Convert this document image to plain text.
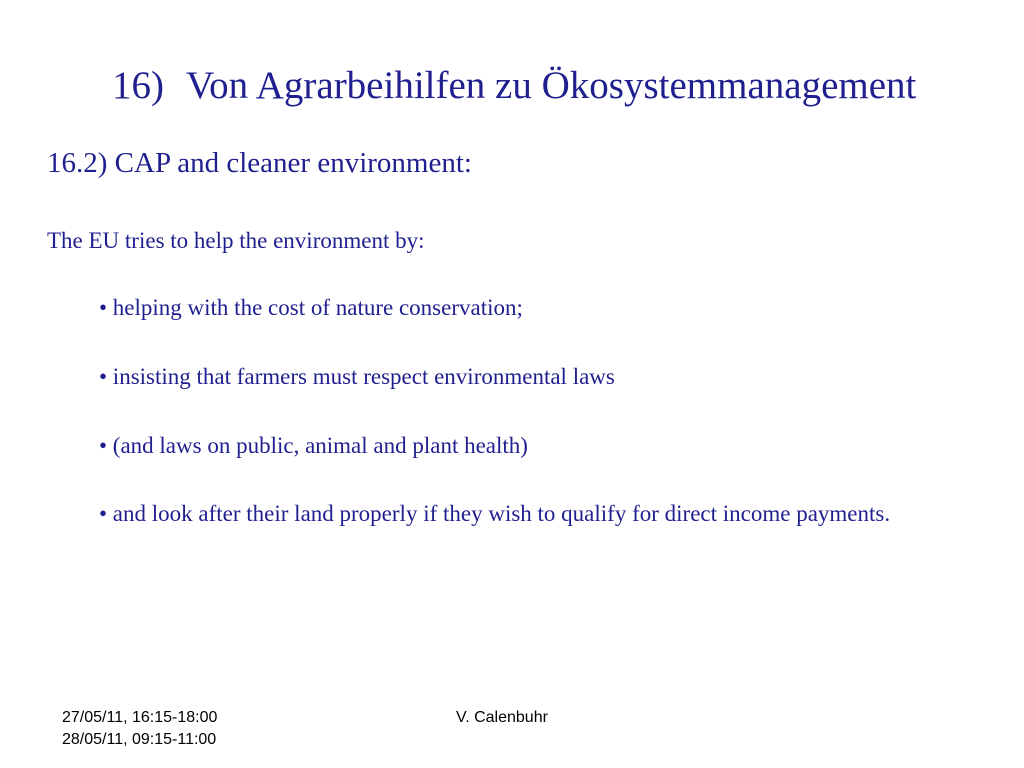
16) Von Agrarbeihilfen zu Ökosystemmanagement
16.2) CAP and cleaner environment:
The EU tries to help the environment by:
• helping with the cost of nature conservation;
• insisting that farmers must respect environmental laws
• (and laws on public, animal and plant health)
• and look after their land properly if they wish to qualify for direct income payments.
27/05/11, 16:15-18:00
28/05/11, 09:15-11:00
V. Calenbuhr
